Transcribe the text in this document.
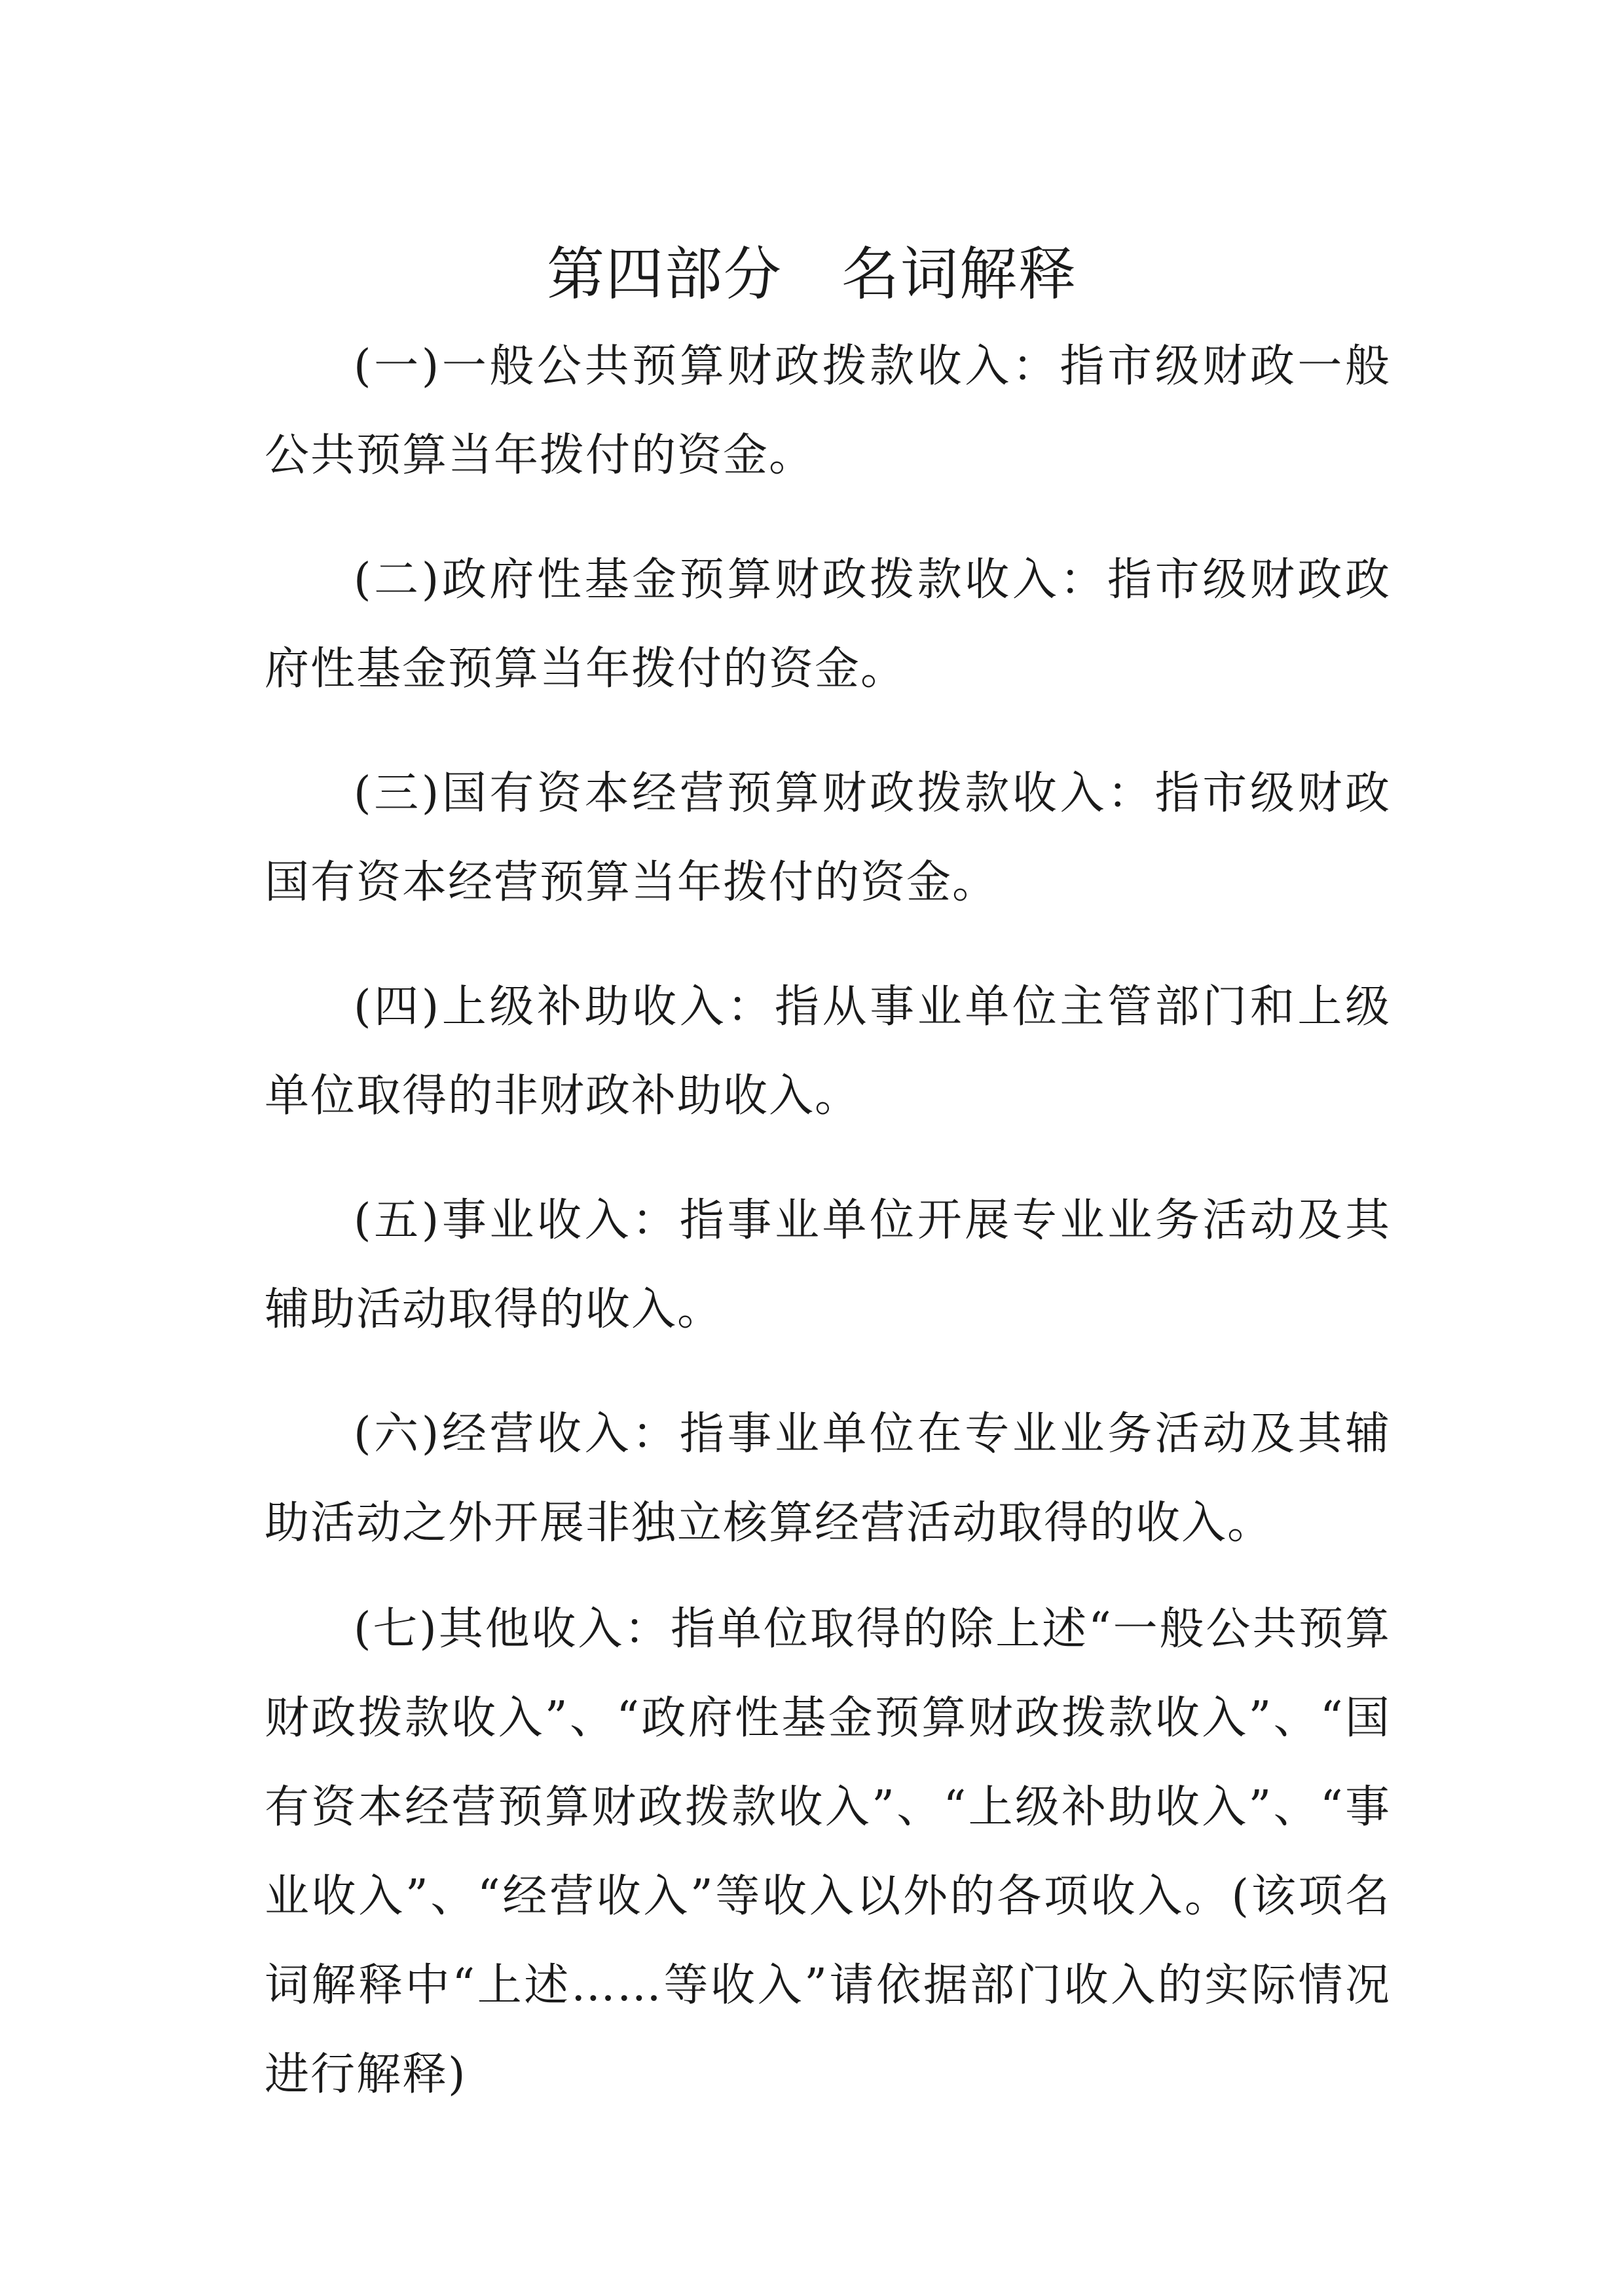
第四部分 名词解释

(一)一般公共预算财政拨款收入：指市级财政一般公共预算当年拨付的资金。

(二)政府性基金预算财政拨款收入：指市级财政政府性基金预算当年拨付的资金。

(三)国有资本经营预算财政拨款收入：指市级财政国有资本经营预算当年拨付的资金。

(四)上级补助收入：指从事业单位主管部门和上级单位取得的非财政补助收入。

(五)事业收入：指事业单位开展专业业务活动及其辅助活动取得的收入。

(六)经营收入：指事业单位在专业业务活动及其辅助活动之外开展非独立核算经营活动取得的收入。

(七)其他收入：指单位取得的除上述“一般公共预算财政拨款收入”、“政府性基金预算财政拨款收入”、“国有资本经营预算财政拨款收入”、“上级补助收入”、“事业收入”、“经营收入”等收入以外的各项收入。(该项名词解释中“上述……等收入”请依据部门收入的实际情况进行解释)
